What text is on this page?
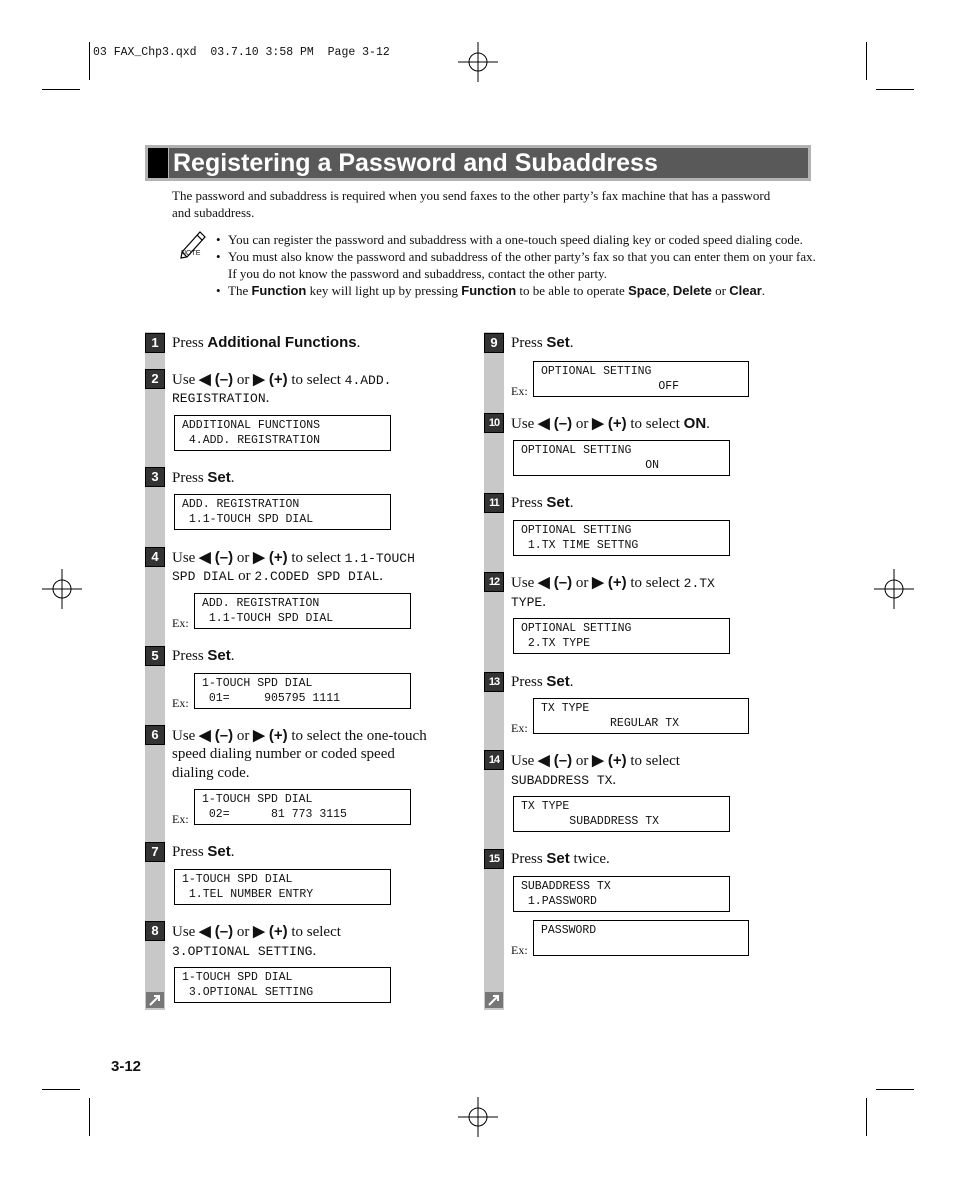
03 FAX_Chp3.qxd  03.7.10 3:58 PM  Page 3-12
Registering a Password and Subaddress
The password and subaddress is required when you send faxes to the other party’s fax machine that has a password and subaddress.
NOTE
• You can register the password and subaddress with a one-touch speed dialing key or coded speed dialing code.
• You must also know the password and subaddress of the other party’s fax so that you can enter them on your fax. If you do not know the password and subaddress, contact the other party.
• The Function key will light up by pressing Function to be able to operate Space, Delete or Clear.
1 Press Additional Functions.
2 Use ◀ (–) or ▶ (+) to select 4.ADD.
REGISTRATION.
ADDITIONAL FUNCTIONS
4.ADD. REGISTRATION
3 Press Set.
ADD. REGISTRATION
1.1-TOUCH SPD DIAL
4 Use ◀ (–) or ▶ (+) to select 1.1-TOUCH
SPD DIAL or 2.CODED SPD DIAL.
Ex:
ADD. REGISTRATION
1.1-TOUCH SPD DIAL
5 Press Set.
Ex:
1-TOUCH SPD DIAL
01=     905795 1111
6 Use ◀ (–) or ▶ (+) to select the one-touch
speed dialing number or coded speed
dialing code.
Ex:
1-TOUCH SPD DIAL
02=      81 773 3115
7 Press Set.
1-TOUCH SPD DIAL
1.TEL NUMBER ENTRY
8 Use ◀ (–) or ▶ (+) to select
3.OPTIONAL SETTING.
1-TOUCH SPD DIAL
3.OPTIONAL SETTING
9 Press Set.
Ex:
OPTIONAL SETTING
OFF
10 Use ◀ (–) or ▶ (+) to select ON.
OPTIONAL SETTING
ON
11 Press Set.
OPTIONAL SETTING
1.TX TIME SETTNG
12 Use ◀ (–) or ▶ (+) to select 2.TX
TYPE.
OPTIONAL SETTING
2.TX TYPE
13 Press Set.
Ex:
TX TYPE
REGULAR TX
14 Use ◀ (–) or ▶ (+) to select
SUBADDRESS TX.
TX TYPE
SUBADDRESS TX
15 Press Set twice.
SUBADDRESS TX
1.PASSWORD
Ex:
PASSWORD
3-12
